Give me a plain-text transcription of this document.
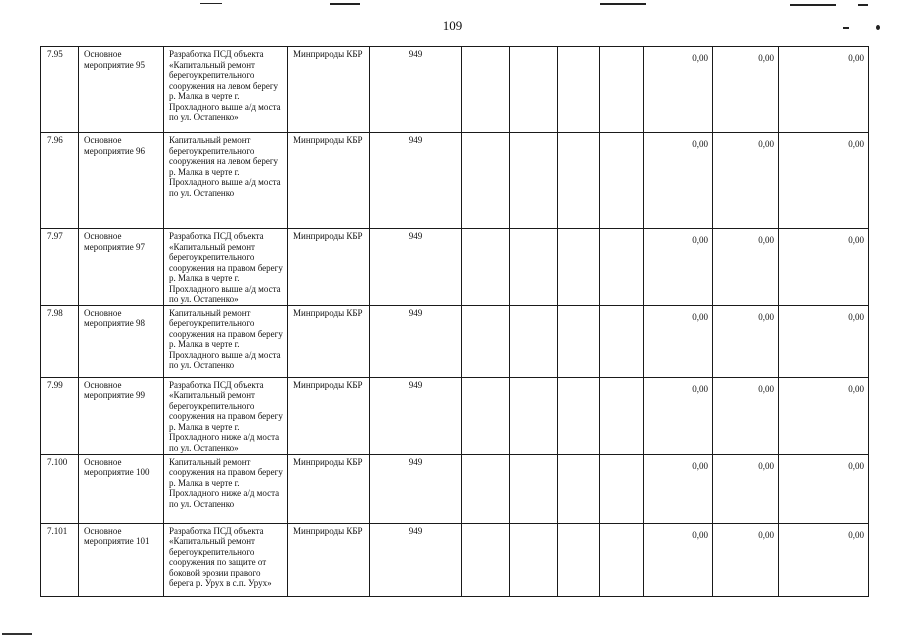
109
7.95	Основное мероприятие 95	Разработка ПСД объекта «Капитальный ремонт берегоукрепительного сооружения на левом берегу р. Малка в черте г. Прохладного выше а/д моста по ул. Остапенко»	Минприроды КБР	949					0,00	0,00	0,00
7.96	Основное мероприятие 96	Капитальный ремонт берегоукрепительного сооружения на левом берегу р. Малка в черте г. Прохладного выше а/д моста по ул. Остапенко	Минприроды КБР	949					0,00	0,00	0,00
7.97	Основное мероприятие 97	Разработка ПСД объекта «Капитальный ремонт берегоукрепительного сооружения на правом берегу р. Малка в черте г. Прохладного выше а/д моста по ул. Остапенко»	Минприроды КБР	949					0,00	0,00	0,00
7.98	Основное мероприятие 98	Капитальный ремонт берегоукрепительного сооружения на правом берегу р. Малка в черте г. Прохладного выше а/д моста по ул. Остапенко	Минприроды КБР	949					0,00	0,00	0,00
7.99	Основное мероприятие 99	Разработка ПСД объекта «Капитальный ремонт берегоукрепительного сооружения на правом берегу р. Малка в черте г. Прохладного ниже а/д моста по ул. Остапенко»	Минприроды КБР	949					0,00	0,00	0,00
7.100	Основное мероприятие 100	Капитальный ремонт сооружения на правом берегу р. Малка в черте г. Прохладного ниже а/д моста по ул. Остапенко	Минприроды КБР	949					0,00	0,00	0,00
7.101	Основное мероприятие 101	Разработка ПСД объекта «Капитальный ремонт берегоукрепительного сооружения по защите от боковой эрозии правого берега р. Урух в с.п. Урух»	Минприроды КБР	949					0,00	0,00	0,00
